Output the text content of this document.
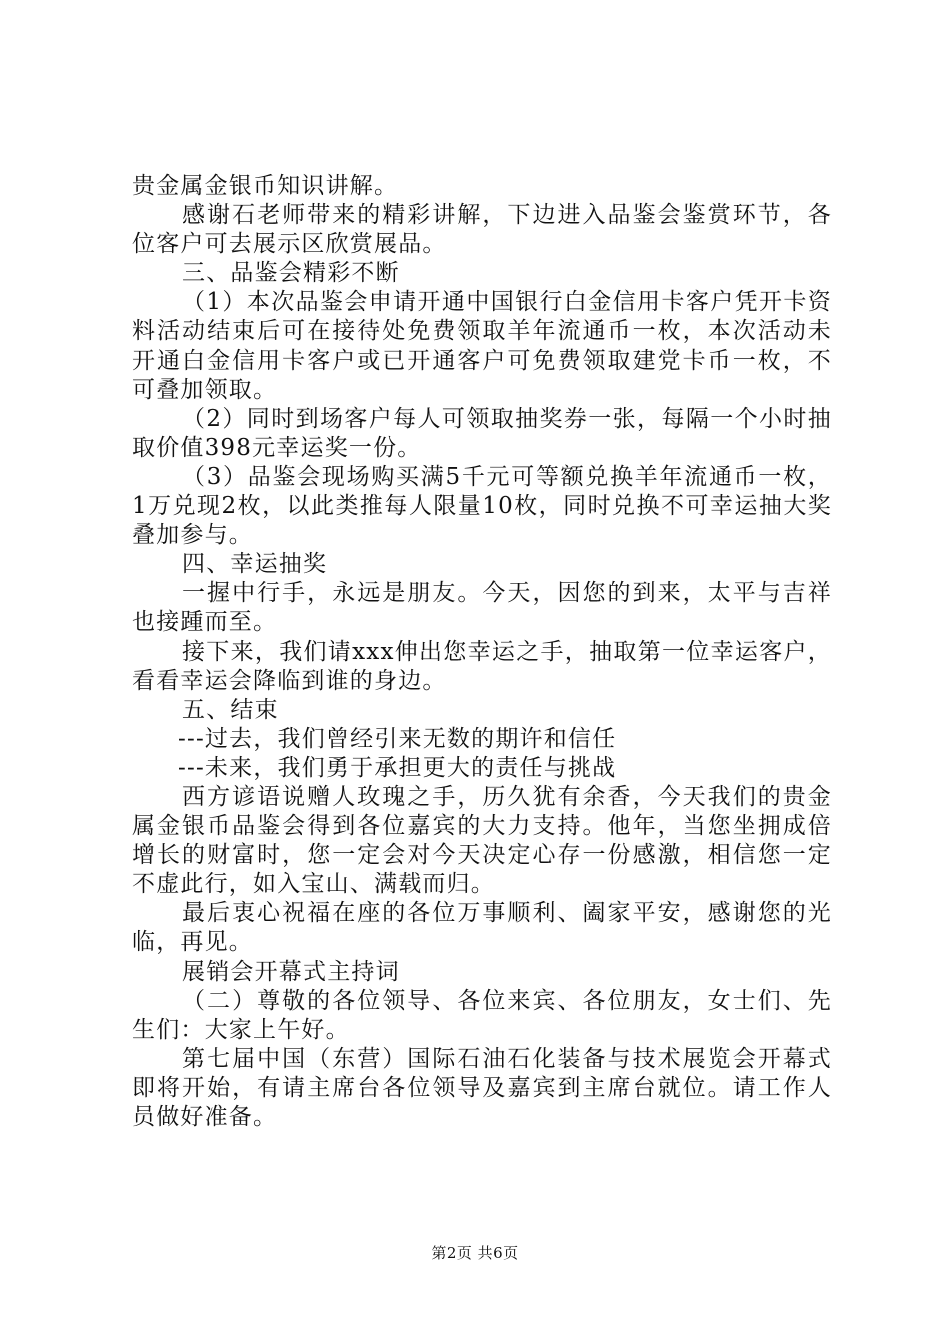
贵金属金银币知识讲解。

感谢石老师带来的精彩讲解，下边进入品鉴会鉴赏环节，各位客户可去展示区欣赏展品。

三、品鉴会精彩不断

（1）本次品鉴会申请开通中国银行白金信用卡客户凭开卡资料活动结束后可在接待处免费领取羊年流通币一枚，本次活动未开通白金信用卡客户或已开通客户可免费领取建党卡币一枚，不可叠加领取。

（2）同时到场客户每人可领取抽奖券一张，每隔一个小时抽取价值398元幸运奖一份。

（3）品鉴会现场购买满5千元可等额兑换羊年流通币一枚，1万兑现2枚，以此类推每人限量10枚，同时兑换不可幸运抽大奖叠加参与。

四、幸运抽奖

一握中行手，永远是朋友。今天，因您的到来，太平与吉祥也接踵而至。

接下来，我们请xxx伸出您幸运之手，抽取第一位幸运客户，看看幸运会降临到谁的身边。

五、结束

---过去，我们曾经引来无数的期许和信任

---未来，我们勇于承担更大的责任与挑战

西方谚语说赠人玫瑰之手，历久犹有余香，今天我们的贵金属金银币品鉴会得到各位嘉宾的大力支持。他年，当您坐拥成倍增长的财富时，您一定会对今天决定心存一份感激，相信您一定不虚此行，如入宝山、满载而归。

最后衷心祝福在座的各位万事顺利、阖家平安，感谢您的光临，再见。

展销会开幕式主持词

（二）尊敬的各位领导、各位来宾、各位朋友，女士们、先生们：大家上午好。

第七届中国（东营）国际石油石化装备与技术展览会开幕式即将开始，有请主席台各位领导及嘉宾到主席台就位。请工作人员做好准备。

第2页 共6页
